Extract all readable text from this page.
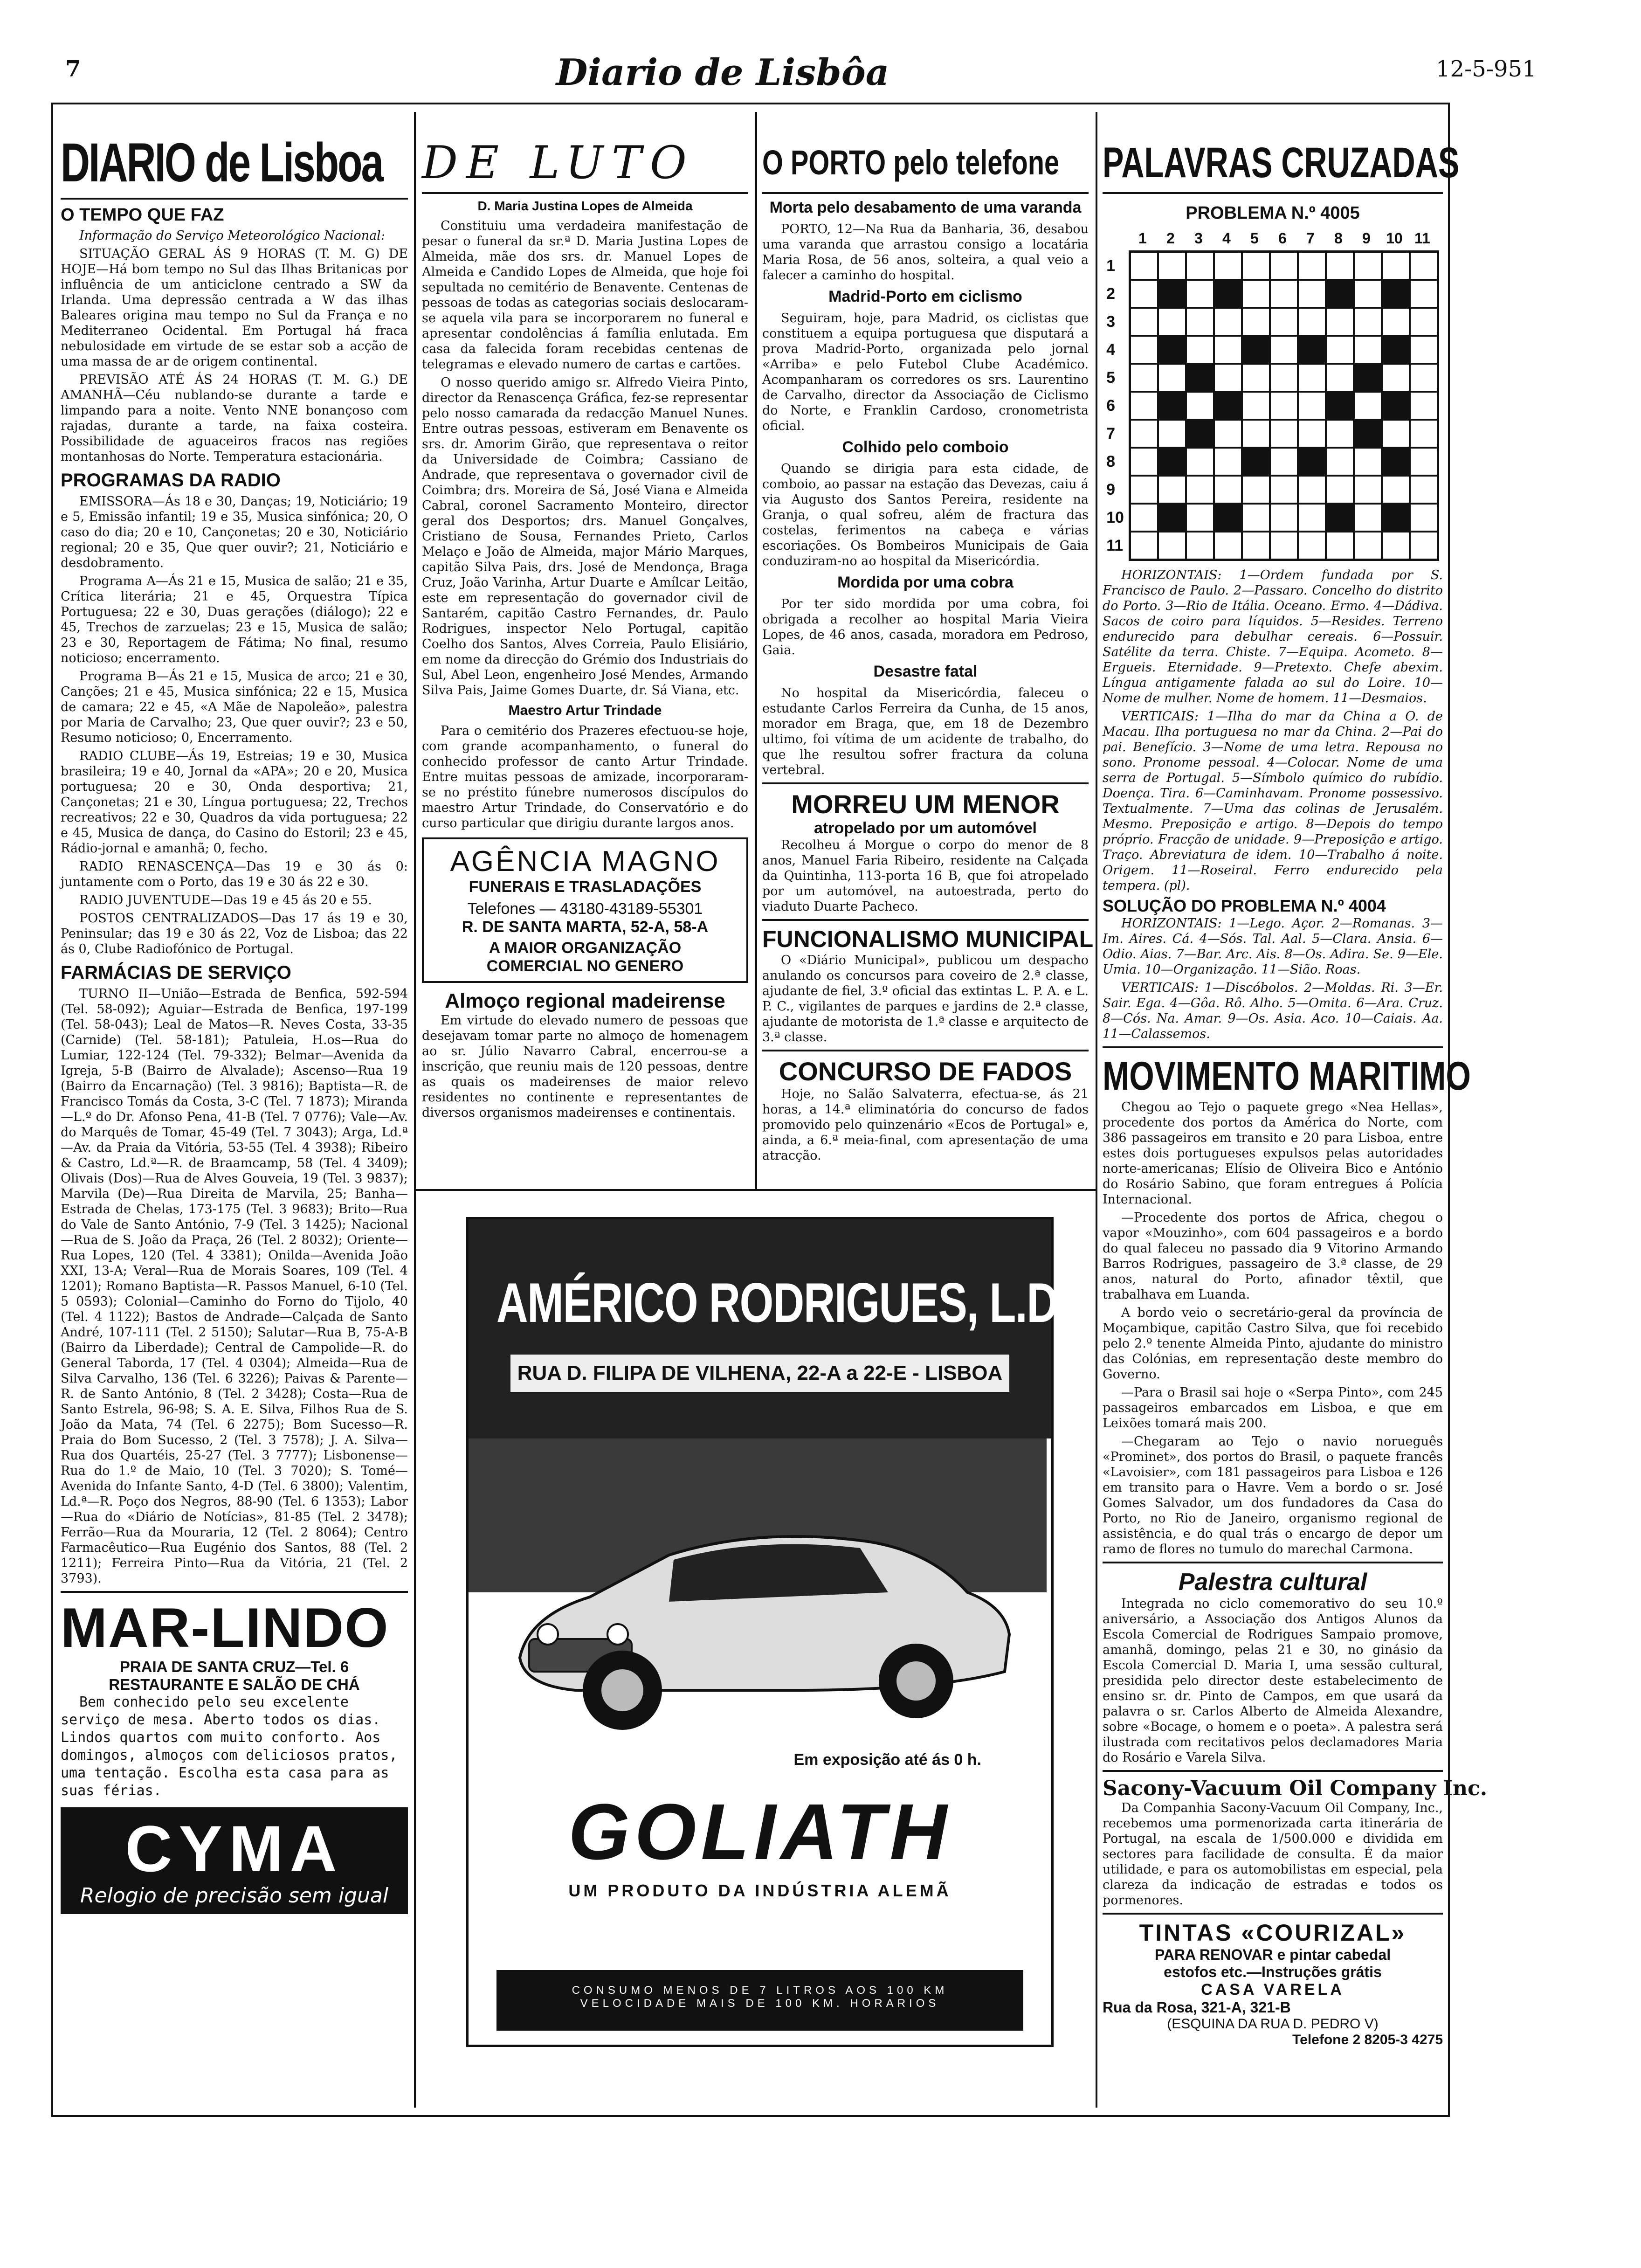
7	Diario de Lisbôa	12-5-951
DIARIO de Lisboa
O TEMPO QUE FAZ

Informação do Serviço Meteorológico Nacional:

SITUAÇÃO GERAL ÁS 9 HORAS (T. M. G) DE HOJE—Há bom tempo no Sul das Ilhas Britanicas por influência de um anticiclone centrado a SW da Irlanda. Uma depressão centrada a W das ilhas Baleares origina mau tempo no Sul da França e no Mediterraneo Ocidental. Em Portugal há fraca nebulosidade em virtude de se estar sob a acção de uma massa de ar de origem continental.

PREVISÃO ATÉ ÁS 24 HORAS (T. M. G.) DE AMANHÃ—Céu nublando-se durante a tarde e limpando para a noite. Vento NNE bonançoso com rajadas, durante a tarde, na faixa costeira. Possibilidade de aguaceiros fracos nas regiões montanhosas do Norte. Temperatura estacionária.

PROGRAMAS DA RADIO

EMISSORA—Ás 18 e 30, Danças; 19, Noticiário; 19 e 5, Emissão infantil; 19 e 35, Musica sinfónica; 20, O caso do dia; 20 e 10, Cançonetas; 20 e 30, Noticiário regional; 20 e 35, Que quer ouvir?; 21, Noticiário e desdobramento.

Programa A—Ás 21 e 15, Musica de salão; 21 e 35, Crítica literária; 21 e 45, Orquestra Típica Portuguesa; 22 e 30, Duas gerações (diálogo); 22 e 45, Trechos de zarzuelas; 23 e 15, Musica de salão; 23 e 30, Reportagem de Fátima; No final, resumo noticioso; encerramento.

Programa B—Ás 21 e 15, Musica de arco; 21 e 30, Canções; 21 e 45, Musica sinfónica; 22 e 15, Musica de camara; 22 e 45, «A Mãe de Napoleão», palestra por Maria de Carvalho; 23, Que quer ouvir?; 23 e 50, Resumo noticioso; 0, Encerramento.

RADIO CLUBE—Ás 19, Estreias; 19 e 30, Musica brasileira; 19 e 40, Jornal da «APA»; 20 e 20, Musica portuguesa; 20 e 30, Onda desportiva; 21, Cançonetas; 21 e 30, Língua portuguesa; 22, Trechos recreativos; 22 e 30, Quadros da vida portuguesa; 22 e 45, Musica de dança, do Casino do Estoril; 23 e 45, Rádio-jornal e amanhã; 0, fecho.

RADIO RENASCENÇA—Das 19 e 30 ás 0: juntamente com o Porto, das 19 e 30 ás 22 e 30.

RADIO JUVENTUDE—Das 19 e 45 ás 20 e 55.

POSTOS CENTRALIZADOS—Das 17 ás 19 e 30, Peninsular; das 19 e 30 ás 22, Voz de Lisboa; das 22 ás 0, Clube Radiofónico de Portugal.

FARMÁCIAS DE SERVIÇO

TURNO II—União—Estrada de Benfica, 592-594 (Tel. 58-092); Aguiar—Estrada de Benfica, 197-199 (Tel. 58-043); Leal de Matos—R. Neves Costa, 33-35 (Carnide) (Tel. 58-181); Patuleia, H.os—Rua do Lumiar, 122-124 (Tel. 79-332); Belmar—Avenida da Igreja, 5-B (Bairro de Alvalade); Ascenso—Rua 19 (Bairro da Encarnação) (Tel. 3 9816); Baptista—R. de Francisco Tomás da Costa, 3-C (Tel. 7 1873); Miranda—L.º do Dr. Afonso Pena, 41-B (Tel. 7 0776); Vale—Av. do Marquês de Tomar, 45-49 (Tel. 7 3043); Arga, Ld.ª—Av. da Praia da Vitória, 53-55 (Tel. 4 3938); Ribeiro & Castro, Ld.ª—R. de Braamcamp, 58 (Tel. 4 3409); Olivais (Dos)—Rua de Alves Gouveia, 19 (Tel. 3 9837); Marvila (De)—Rua Direita de Marvila, 25; Banha—Estrada de Chelas, 173-175 (Tel. 3 9683); Brito—Rua do Vale de Santo António, 7-9 (Tel. 3 1425); Nacional—Rua de S. João da Praça, 26 (Tel. 2 8032); Oriente—Rua Lopes, 120 (Tel. 4 3381); Onilda—Avenida João XXI, 13-A; Veral—Rua de Morais Soares, 109 (Tel. 4 1201); Romano Baptista—R. Passos Manuel, 6-10 (Tel. 5 0593); Colonial—Caminho do Forno do Tijolo, 40 (Tel. 4 1122); Bastos de Andrade—Calçada de Santo André, 107-111 (Tel. 2 5150); Salutar—Rua B, 75-A-B (Bairro da Liberdade); Central de Campolide—R. do General Taborda, 17 (Tel. 4 0304); Almeida—Rua de Silva Carvalho, 136 (Tel. 6 3226); Paivas & Parente—R. de Santo António, 8 (Tel. 2 3428); Costa—Rua de Santo Estrela, 96-98; S. A. E. Silva, Filhos Rua de S. João da Mata, 74 (Tel. 6 2275); Bom Sucesso—R. Praia do Bom Sucesso, 2 (Tel. 3 7578); J. A. Silva—Rua dos Quartéis, 25-27 (Tel. 3 7777); Lisbonense—Rua do 1.º de Maio, 10 (Tel. 3 7020); S. Tomé—Avenida do Infante Santo, 4-D (Tel. 6 3800); Valentim, Ld.ª—R. Poço dos Negros, 88-90 (Tel. 6 1353); Labor—Rua do «Diário de Notícias», 81-85 (Tel. 2 3478); Ferrão—Rua da Mouraria, 12 (Tel. 2 8064); Centro Farmacêutico—Rua Eugénio dos Santos, 88 (Tel. 2 1211); Ferreira Pinto—Rua da Vitória, 21 (Tel. 2 3793).

MAR-LINDO
PRAIA DE SANTA CRUZ—Tel. 6
RESTAURANTE E SALÃO DE CHÁ

Bem conhecido pelo seu excelente serviço de mesa. Aberto todos os dias. Lindos quartos com muito conforto. Aos domingos, almoços com deliciosos pratos, uma tentação. Escolha esta casa para as suas férias.

CYMA
Relogio de precisão sem igual
DE LUTO
D. Maria Justina Lopes de Almeida

Constituiu uma verdadeira manifestação de pesar o funeral da sr.ª D. Maria Justina Lopes de Almeida, mãe dos srs. dr. Manuel Lopes de Almeida e Candido Lopes de Almeida, que hoje foi sepultada no cemitério de Benavente. Centenas de pessoas de todas as categorias sociais deslocaram-se aquela vila para se incorporarem no funeral e apresentar condolências á família enlutada. Em casa da falecida foram recebidas centenas de telegramas e elevado numero de cartas e cartões.

O nosso querido amigo sr. Alfredo Vieira Pinto, director da Renascença Gráfica, fez-se representar pelo nosso camarada da redacção Manuel Nunes. Entre outras pessoas, estiveram em Benavente os srs. dr. Amorim Girão, que representava o reitor da Universidade de Coimbra; Cassiano de Andrade, que representava o governador civil de Coimbra; drs. Moreira de Sá, José Viana e Almeida Cabral, coronel Sacramento Monteiro, director geral dos Desportos; drs. Manuel Gonçalves, Cristiano de Sousa, Fernandes Prieto, Carlos Melaço e João de Almeida, major Mário Marques, capitão Silva Pais, drs. José de Mendonça, Braga Cruz, João Varinha, Artur Duarte e Amílcar Leitão, este em representação do governador civil de Santarém, capitão Castro Fernandes, dr. Paulo Rodrigues, inspector Nelo Portugal, capitão Coelho dos Santos, Alves Correia, Paulo Elisiário, em nome da direcção do Grémio dos Industriais do Sul, Abel Leon, engenheiro José Mendes, Armando Silva Pais, Jaime Gomes Duarte, dr. Sá Viana, etc.

Maestro Artur Trindade

Para o cemitério dos Prazeres efectuou-se hoje, com grande acompanhamento, o funeral do conhecido professor de canto Artur Trindade. Entre muitas pessoas de amizade, incorporaram-se no préstito fúnebre numerosos discípulos do maestro Artur Trindade, do Conservatório e do curso particular que dirigiu durante largos anos.

AGÊNCIA MAGNO
FUNERAIS E TRASLADAÇÕES
Telefones — 43180-43189-55301
R. DE SANTA MARTA, 52-A, 58-A
A MAIOR ORGANIZAÇÃO
COMERCIAL NO GENERO
Almoço regional madeirense

Em virtude do elevado numero de pessoas que desejavam tomar parte no almoço de homenagem ao sr. Júlio Navarro Cabral, encerrou-se a inscrição, que reuniu mais de 120 pessoas, dentre as quais os madeirenses de maior relevo residentes no continente e representantes de diversos organismos madeirenses e continentais.

O PORTO pelo telefone
Morta pelo desabamento de uma varanda

PORTO, 12—Na Rua da Banharia, 36, desabou uma varanda que arrastou consigo a locatária Maria Rosa, de 56 anos, solteira, a qual veio a falecer a caminho do hospital.

Madrid-Porto em ciclismo

Seguiram, hoje, para Madrid, os ciclistas que constituem a equipa portuguesa que disputará a prova Madrid-Porto, organizada pelo jornal «Arriba» e pelo Futebol Clube Académico. Acompanharam os corredores os srs. Laurentino de Carvalho, director da Associação de Ciclismo do Norte, e Franklin Cardoso, cronometrista oficial.

Colhido pelo comboio

Quando se dirigia para esta cidade, de comboio, ao passar na estação das Devezas, caiu á via Augusto dos Santos Pereira, residente na Granja, o qual sofreu, além de fractura das costelas, ferimentos na cabeça e várias escoriações. Os Bombeiros Municipais de Gaia conduziram-no ao hospital da Misericórdia.

Mordida por uma cobra

Por ter sido mordida por uma cobra, foi obrigada a recolher ao hospital Maria Vieira Lopes, de 46 anos, casada, moradora em Pedroso, Gaia.

Desastre fatal

No hospital da Misericórdia, faleceu o estudante Carlos Ferreira da Cunha, de 15 anos, morador em Braga, que, em 18 de Dezembro ultimo, foi vítima de um acidente de trabalho, do que lhe resultou sofrer fractura da coluna vertebral.

MORREU UM MENOR
atropelado por um automóvel

Recolheu á Morgue o corpo do menor de 8 anos, Manuel Faria Ribeiro, residente na Calçada da Quintinha, 113-porta 16 B, que foi atropelado por um automóvel, na autoestrada, perto do viaduto Duarte Pacheco.

FUNCIONALISMO MUNICIPAL

O «Diário Municipal», publicou um despacho anulando os concursos para coveiro de 2.ª classe, ajudante de fiel, 3.º oficial das extintas L. P. A. e L. P. C., vigilantes de parques e jardins de 2.ª classe, ajudante de motorista de 1.ª classe e arquitecto de 3.ª classe.

CONCURSO DE FADOS

Hoje, no Salão Salvaterra, efectua-se, ás 21 horas, a 14.ª eliminatória do concurso de fados promovido pelo quinzenário «Ecos de Portugal» e, ainda, a 6.ª meia-final, com apresentação de uma atracção.

AMÉRICO RODRIGUES, L.DA
RUA D. FILIPA DE VILHENA, 22-A a 22-E - LISBOA
Em exposição até ás 0 h.
GOLIATH
UM PRODUTO DA INDÚSTRIA ALEMÃ
CONSUMO MENOS DE 7 LITROS AOS 100 KM
VELOCIDADE MAIS DE 100 KM. HORARIOS
PALAVRAS CRUZADAS
PROBLEMA N.º 4005
1
2
3
4
5
6
7
8
9
10
11
1	2	3	4	5	6	7	8	9	10 11

HORIZONTAIS: 1—Ordem fundada por S. Francisco de Paulo. 2—Passaro. Concelho do distrito do Porto. 3—Rio de Itália. Oceano. Ermo. 4—Dádiva. Sacos de coiro para líquidos. 5—Resides. Terreno endurecido para debulhar cereais. 6—Possuir. Satélite da terra. Chiste. 7—Equipa. Acometo. 8—Ergueis. Eternidade. 9—Pretexto. Chefe abexim. Língua antigamente falada ao sul do Loire. 10—Nome de mulher. Nome de homem. 11—Desmaios.

VERTICAIS: 1—Ilha do mar da China a O. de Macau. Ilha portuguesa no mar da China. 2—Pai do pai. Benefício. 3—Nome de uma letra. Repousa no sono. Pronome pessoal. 4—Colocar. Nome de uma serra de Portugal. 5—Símbolo químico do rubídio. Doença. Tira. 6—Caminhavam. Pronome possessivo. Textualmente. 7—Uma das colinas de Jerusalém. Mesmo. Preposição e artigo. 8—Depois do tempo próprio. Fracção de unidade. 9—Preposição e artigo. Traço. Abreviatura de idem. 10—Trabalho á noite. Origem. 11—Roseiral. Ferro endurecido pela tempera. (pl).

SOLUÇÃO DO PROBLEMA N.º 4004

HORIZONTAIS: 1—Lego. Açor. 2—Romanas. 3—Im. Aires. Cá. 4—Sós. Tal. Aal. 5—Clara. Ansia. 6—Odio. Aias. 7—Bar. Arc. Ais. 8—Os. Adira. Se. 9—Ele. Umia. 10—Organização. 11—Sião. Roas.

VERTICAIS: 1—Discóbolos. 2—Moldas. Ri. 3—Er. Sair. Ega. 4—Gôa. Rô. Alho. 5—Omita. 6—Ara. Cruz. 8—Cós. Na. Amar. 9—Os. Asia. Aco. 10—Caiais. Aa. 11—Calassemos.

MOVIMENTO MARITIMO

Chegou ao Tejo o paquete grego «Nea Hellas», procedente dos portos da América do Norte, com 386 passageiros em transito e 20 para Lisboa, entre estes dois portugueses expulsos pelas autoridades norte-americanas; Elísio de Oliveira Bico e António do Rosário Sabino, que foram entregues á Polícia Internacional.

—Procedente dos portos de Africa, chegou o vapor «Mouzinho», com 604 passageiros e a bordo do qual faleceu no passado dia 9 Vitorino Armando Barros Rodrigues, passageiro de 3.ª classe, de 29 anos, natural do Porto, afinador têxtil, que trabalhava em Luanda.

A bordo veio o secretário-geral da província de Moçambique, capitão Castro Silva, que foi recebido pelo 2.º tenente Almeida Pinto, ajudante do ministro das Colónias, em representação deste membro do Governo.

—Para o Brasil sai hoje o «Serpa Pinto», com 245 passageiros embarcados em Lisboa, e que em Leixões tomará mais 200.

—Chegaram ao Tejo o navio norueguês «Prominet», dos portos do Brasil, o paquete francês «Lavoisier», com 181 passageiros para Lisboa e 126 em transito para o Havre. Vem a bordo o sr. José Gomes Salvador, um dos fundadores da Casa do Porto, no Rio de Janeiro, organismo regional de assistência, e do qual trás o encargo de depor um ramo de flores no tumulo do marechal Carmona.

Palestra cultural

Integrada no ciclo comemorativo do seu 10.º aniversário, a Associação dos Antigos Alunos da Escola Comercial de Rodrigues Sampaio promove, amanhã, domingo, pelas 21 e 30, no ginásio da Escola Comercial D. Maria I, uma sessão cultural, presidida pelo director deste estabelecimento de ensino sr. dr. Pinto de Campos, em que usará da palavra o sr. Carlos Alberto de Almeida Alexandre, sobre «Bocage, o homem e o poeta». A palestra será ilustrada com recitativos pelos declamadores Maria do Rosário e Varela Silva.

Sacony-Vacuum Oil Company Inc.

Da Companhia Sacony-Vacuum Oil Company, Inc., recebemos uma pormenorizada carta itinerária de Portugal, na escala de 1/500.000 e dividida em sectores para facilidade de consulta. É da maior utilidade, e para os automobilistas em especial, pela clareza da indicação de estradas e todos os pormenores.

TINTAS «COURIZAL»
PARA RENOVAR e pintar cabedal
estofos etc.—Instruções grátis
CASA VARELA
Rua da Rosa, 321-A, 321-B
(ESQUINA DA RUA D. PEDRO V)
Telefone 2 8205-3 4275
